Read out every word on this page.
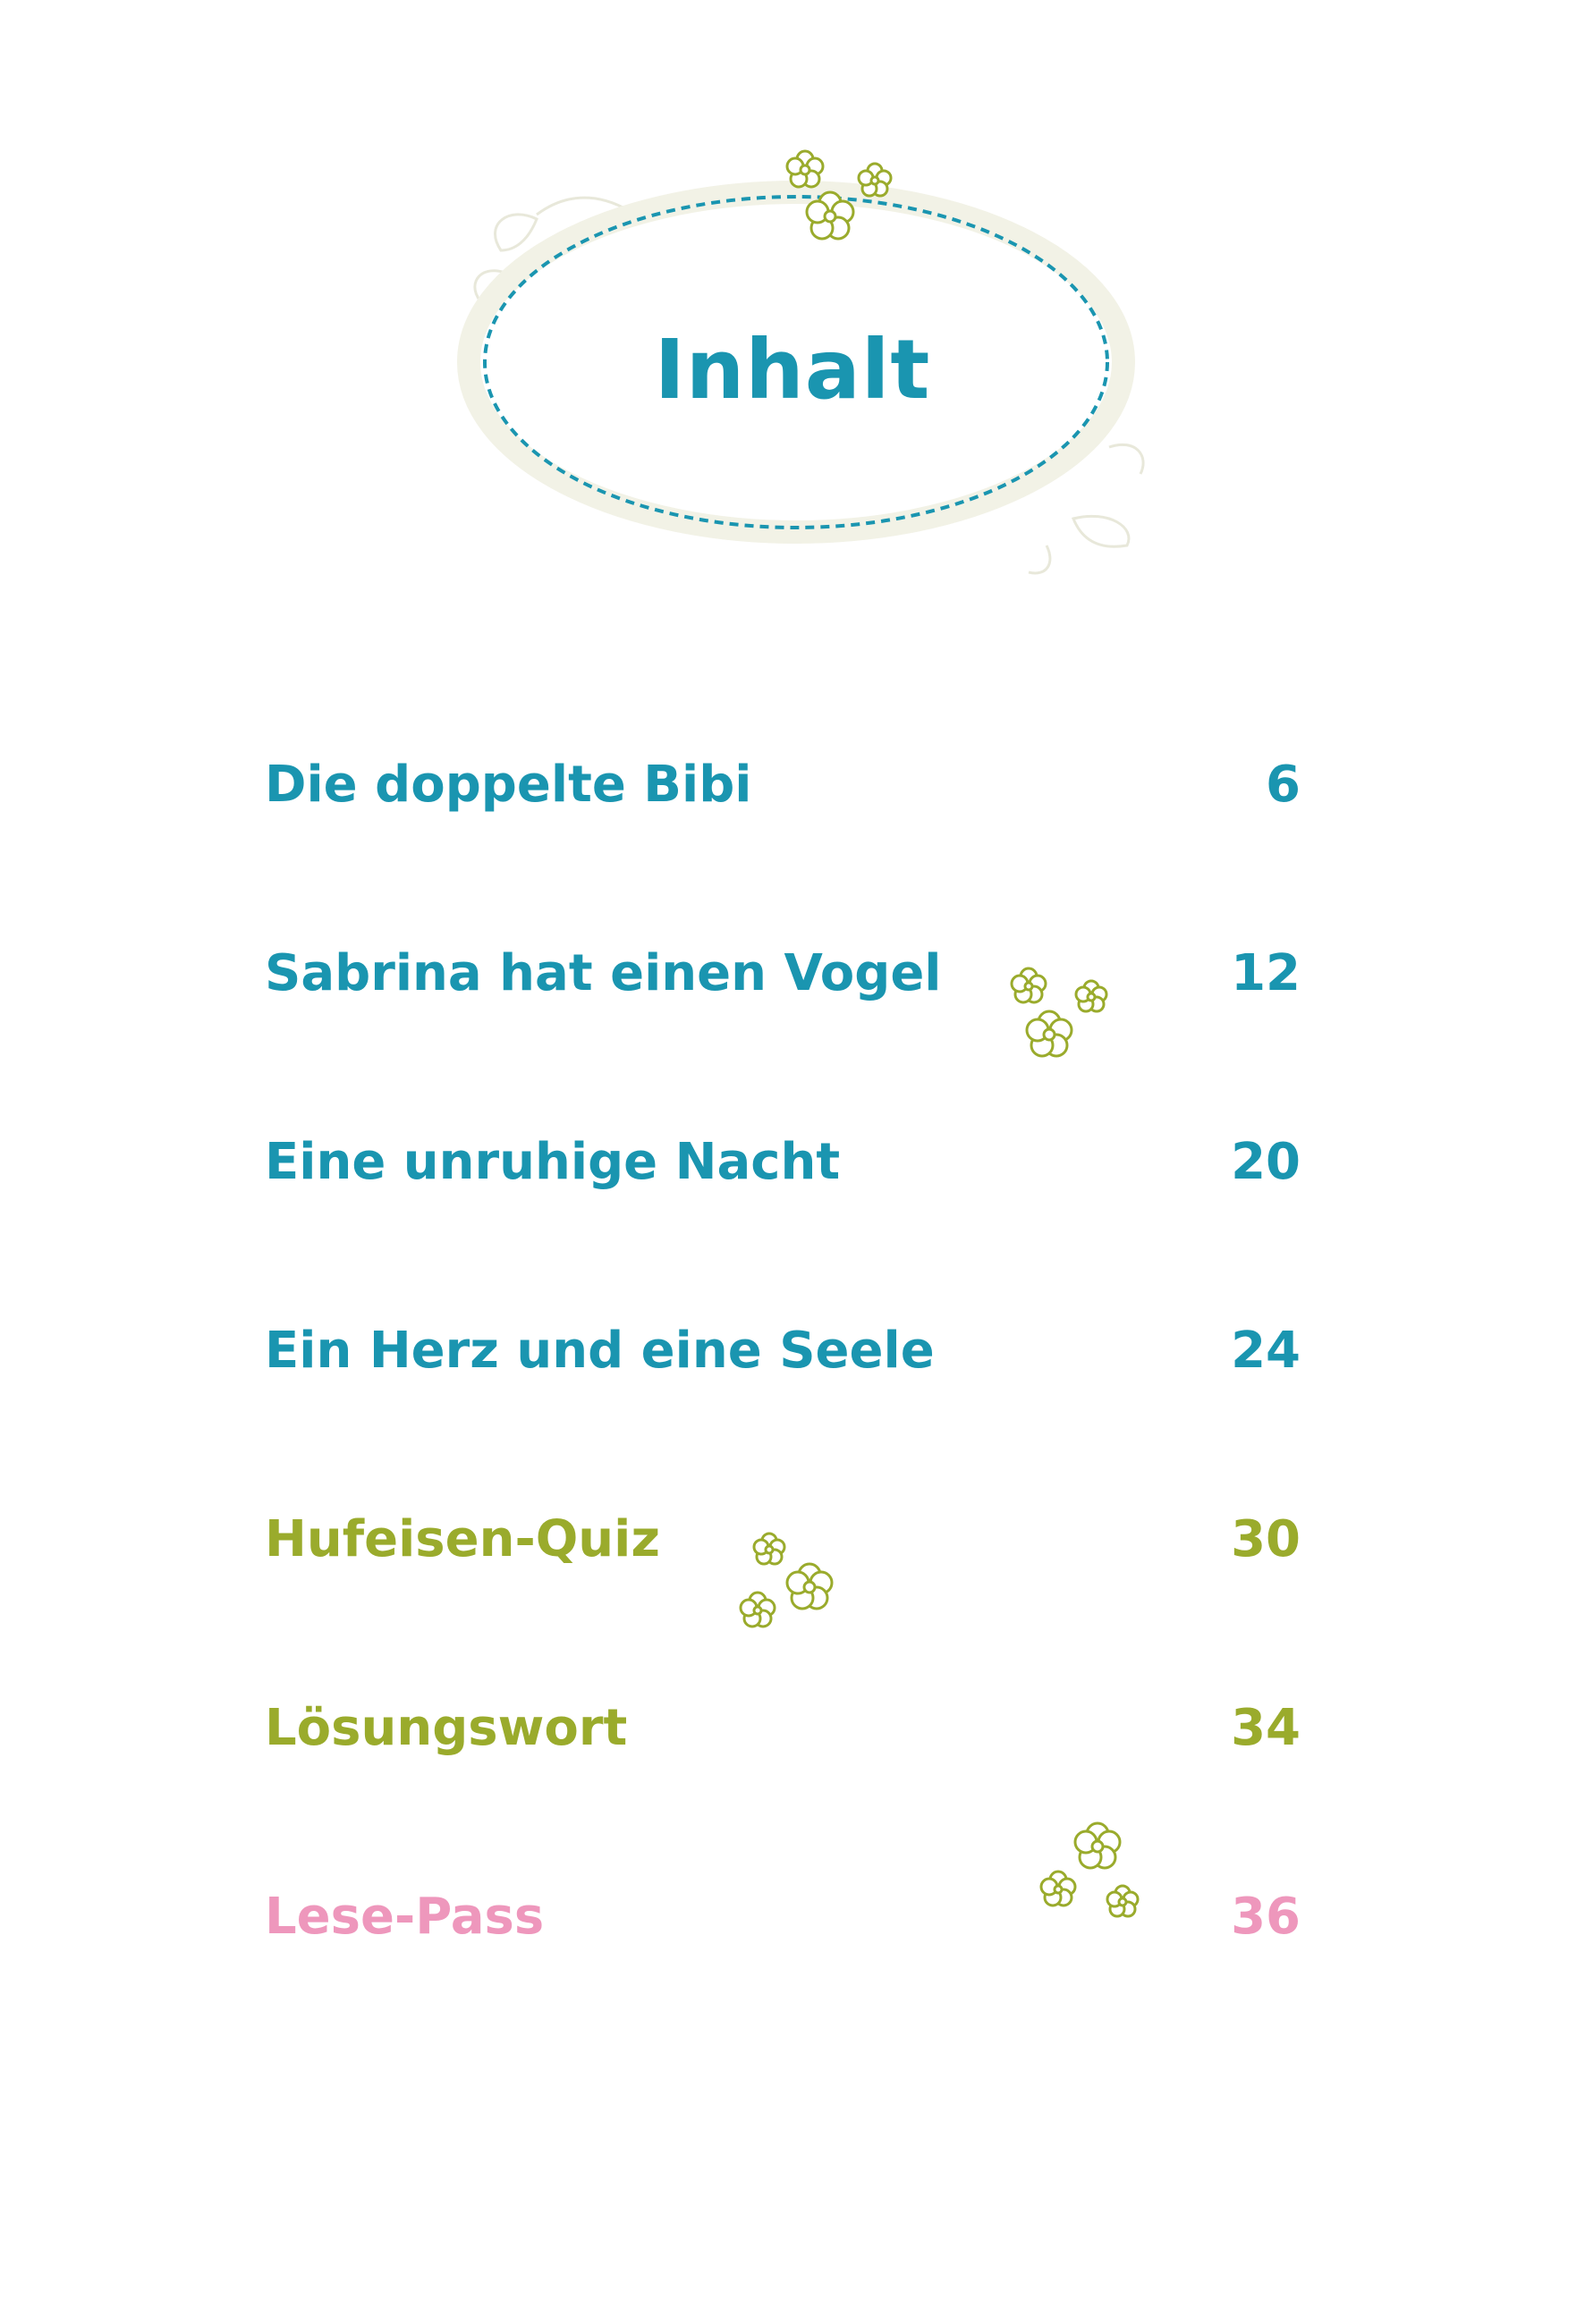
Inhalt
Die doppelte Bibi	6
Sabrina hat einen Vogel	12
Eine unruhige Nacht	20
Ein Herz und eine Seele	24
Hufeisen-Quiz	30
Lösungswort	34
Lese-Pass	36
